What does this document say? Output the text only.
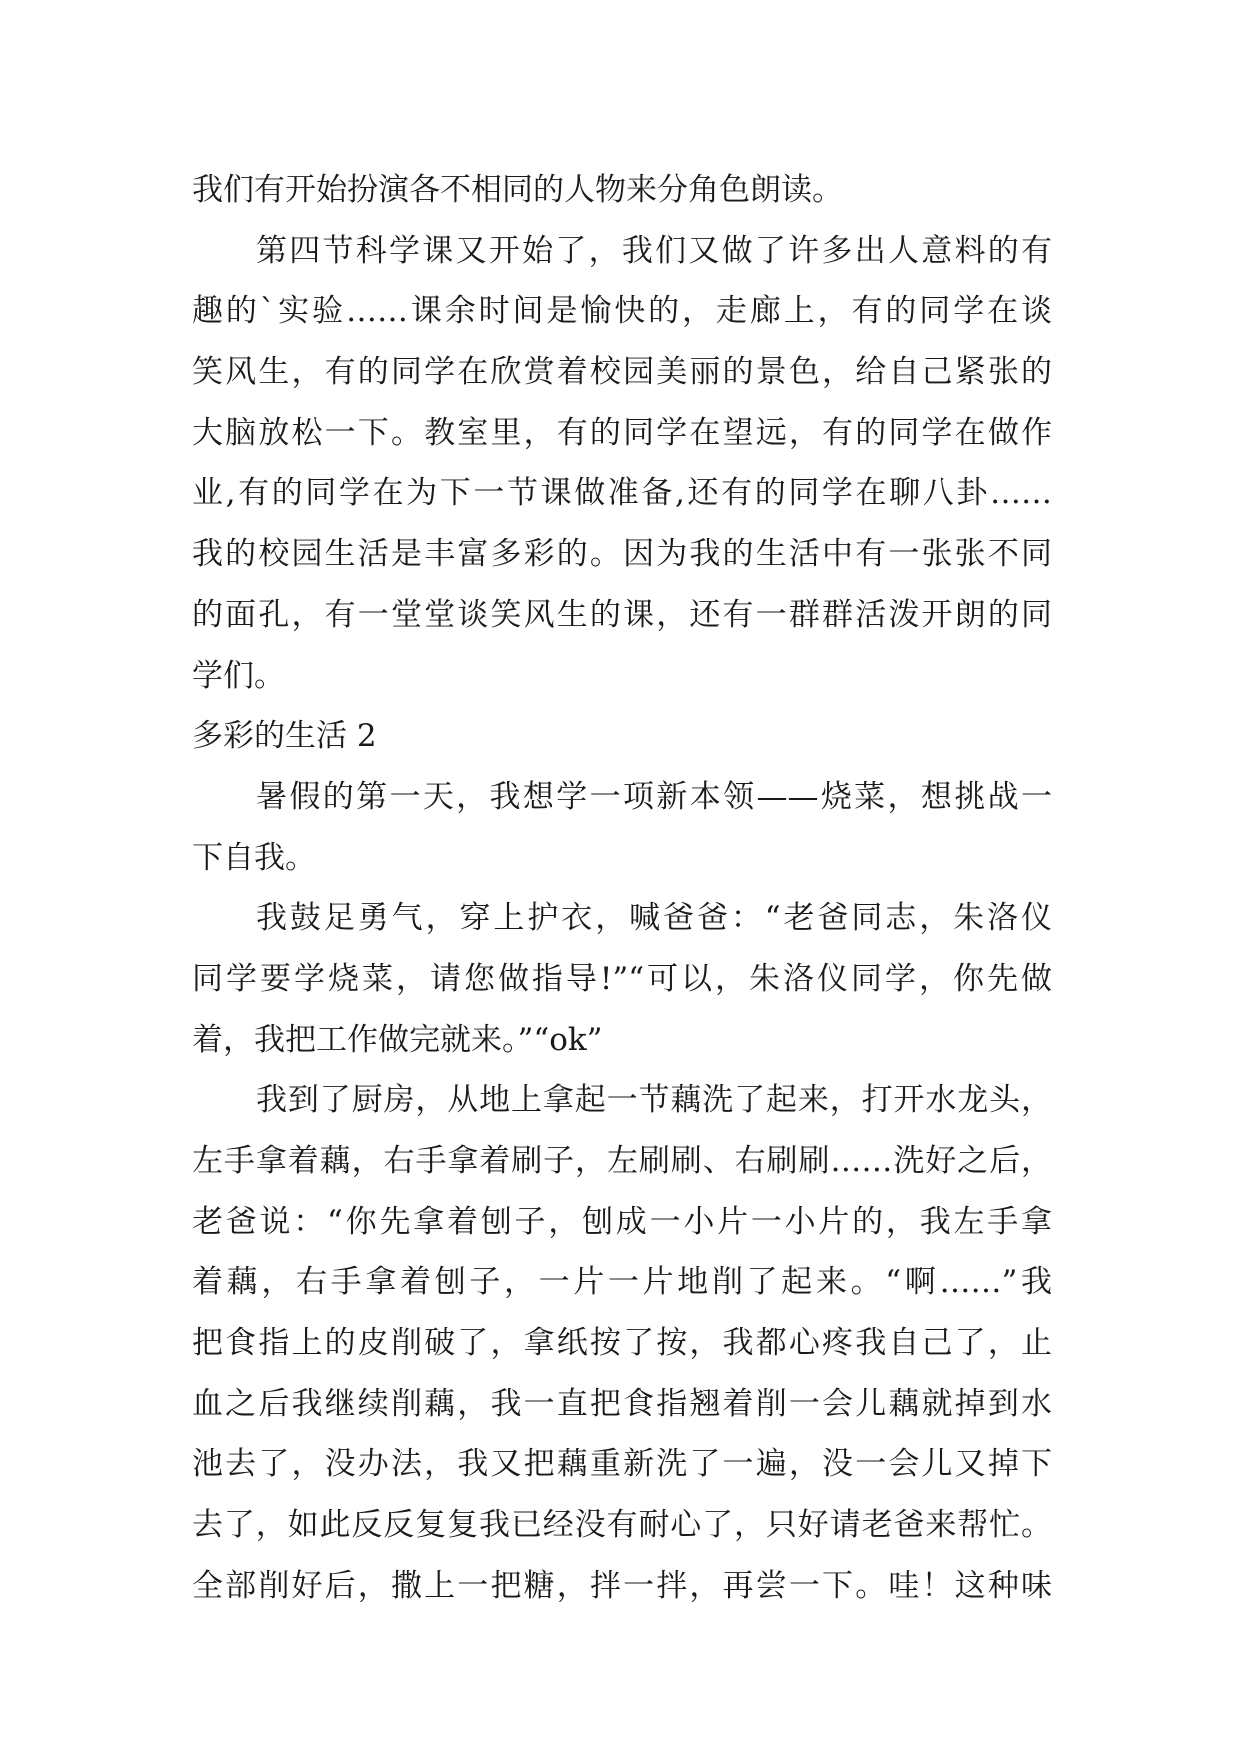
我们有开始扮演各不相同的人物来分角色朗读。
第四节科学课又开始了，我们又做了许多出人意料的有
趣的`实验……课余时间是愉快的，走廊上，有的同学在谈
笑风生，有的同学在欣赏着校园美丽的景色，给自己紧张的
大脑放松一下。教室里，有的同学在望远，有的同学在做作
业,有的同学在为下一节课做准备,还有的同学在聊八卦……
我的校园生活是丰富多彩的。因为我的生活中有一张张不同
的面孔，有一堂堂谈笑风生的课，还有一群群活泼开朗的同
学们。
多彩的生活 2
暑假的第一天，我想学一项新本领——烧菜，想挑战一
下自我。
我鼓足勇气，穿上护衣，喊爸爸：“老爸同志，朱洛仪
同学要学烧菜，请您做指导!”“可以，朱洛仪同学，你先做
着，我把工作做完就来。”“ok”
我到了厨房，从地上拿起一节藕洗了起来，打开水龙头，
左手拿着藕，右手拿着刷子，左刷刷、右刷刷……洗好之后，
老爸说：“你先拿着刨子，刨成一小片一小片的，我左手拿
着藕，右手拿着刨子，一片一片地削了起来。“啊……”我
把食指上的皮削破了，拿纸按了按，我都心疼我自己了，止
血之后我继续削藕，我一直把食指翘着削一会儿藕就掉到水
池去了，没办法，我又把藕重新洗了一遍，没一会儿又掉下
去了，如此反反复复我已经没有耐心了，只好请老爸来帮忙。
全部削好后，撒上一把糖，拌一拌，再尝一下。哇！这种味
